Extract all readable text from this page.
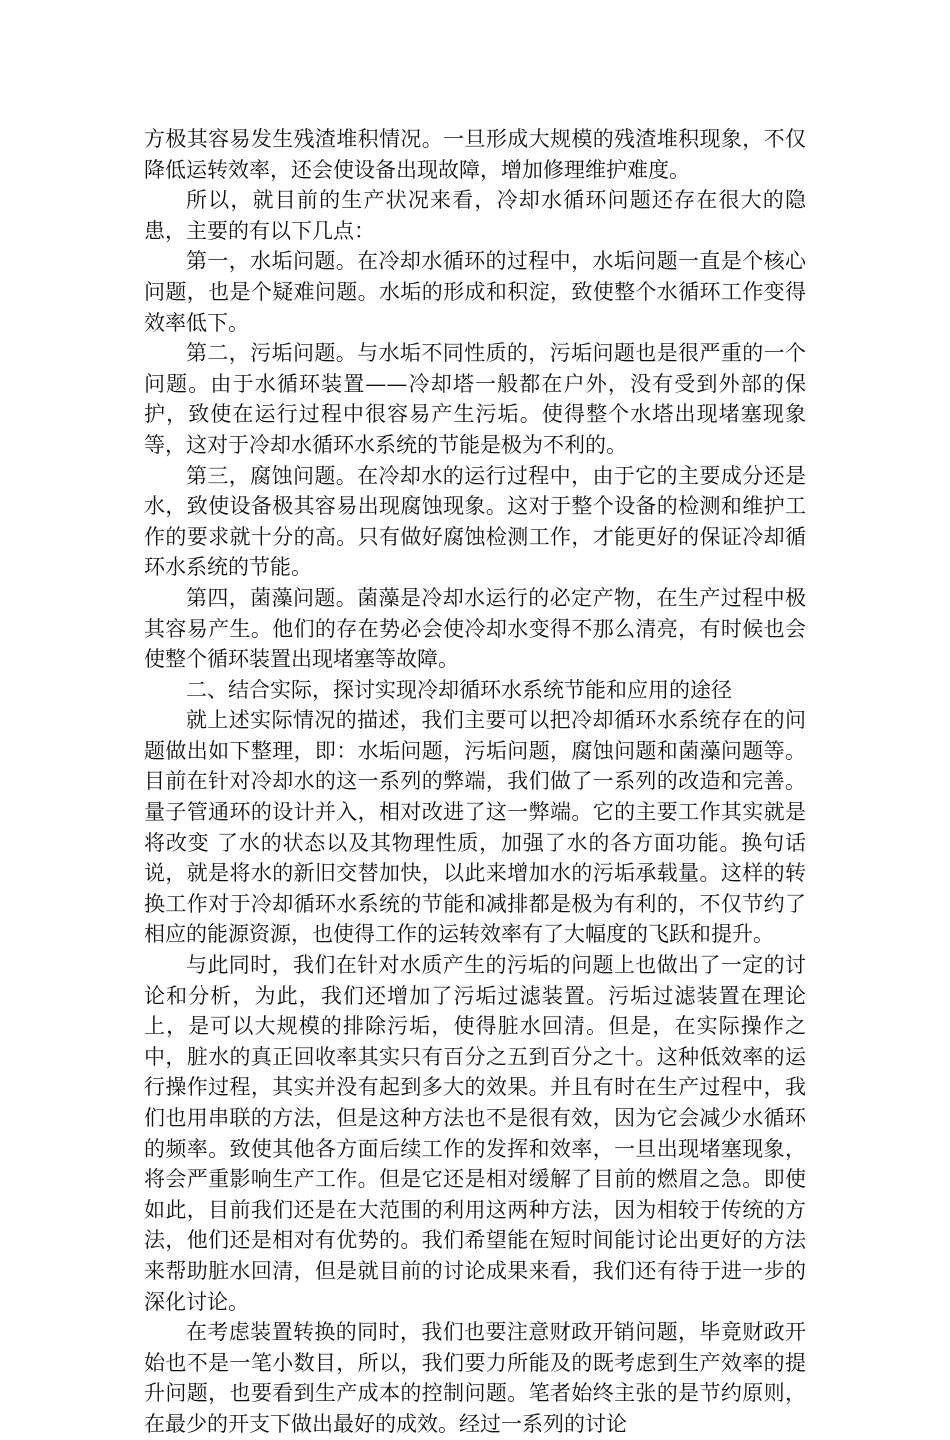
方极其容易发生残渣堆积情况。一旦形成大规模的残渣堆积现象，不仅降低运转效率，还会使设备出现故障，增加修理维护难度。

所以，就目前的生产状况来看，冷却水循环问题还存在很大的隐患，主要的有以下几点：

第一，水垢问题。在冷却水循环的过程中，水垢问题一直是个核心问题，也是个疑难问题。水垢的形成和积淀，致使整个水循环工作变得效率低下。

第二，污垢问题。与水垢不同性质的，污垢问题也是很严重的一个问题。由于水循环装置——冷却塔一般都在户外，没有受到外部的保护，致使在运行过程中很容易产生污垢。使得整个水塔出现堵塞现象等，这对于冷却水循环水系统的节能是极为不利的。

第三，腐蚀问题。在冷却水的运行过程中，由于它的主要成分还是水，致使设备极其容易出现腐蚀现象。这对于整个设备的检测和维护工作的要求就十分的高。只有做好腐蚀检测工作，才能更好的保证冷却循环水系统的节能。

第四，菌藻问题。菌藻是冷却水运行的必定产物，在生产过程中极其容易产生。他们的存在势必会使冷却水变得不那么清亮，有时候也会使整个循环装置出现堵塞等故障。

二、结合实际，探讨实现冷却循环水系统节能和应用的途径

就上述实际情况的描述，我们主要可以把冷却循环水系统存在的问题做出如下整理，即：水垢问题，污垢问题，腐蚀问题和菌藻问题等。目前在针对冷却水的这一系列的弊端，我们做了一系列的改造和完善。量子管通环的设计并入，相对改进了这一弊端。它的主要工作其实就是将改变 了水的状态以及其物理性质，加强了水的各方面功能。换句话说，就是将水的新旧交替加快，以此来增加水的污垢承载量。这样的转换工作对于冷却循环水系统的节能和减排都是极为有利的，不仅节约了相应的能源资源，也使得工作的运转效率有了大幅度的飞跃和提升。

与此同时，我们在针对水质产生的污垢的问题上也做出了一定的讨论和分析，为此，我们还增加了污垢过滤装置。污垢过滤装置在理论上，是可以大规模的排除污垢，使得脏水回清。但是，在实际操作之中，脏水的真正回收率其实只有百分之五到百分之十。这种低效率的运行操作过程，其实并没有起到多大的效果。并且有时在生产过程中，我们也用串联的方法，但是这种方法也不是很有效，因为它会减少水循环的频率。致使其他各方面后续工作的发挥和效率，一旦出现堵塞现象，将会严重影响生产工作。但是它还是相对缓解了目前的燃眉之急。即使如此，目前我们还是在大范围的利用这两种方法，因为相较于传统的方法，他们还是相对有优势的。我们希望能在短时间能讨论出更好的方法来帮助脏水回清，但是就目前的讨论成果来看，我们还有待于进一步的深化讨论。

在考虑装置转换的同时，我们也要注意财政开销问题，毕竟财政开始也不是一笔小数目，所以，我们要力所能及的既考虑到生产效率的提升问题，也要看到生产成本的控制问题。笔者始终主张的是节约原则，在最少的开支下做出最好的成效。经过一系列的讨论
